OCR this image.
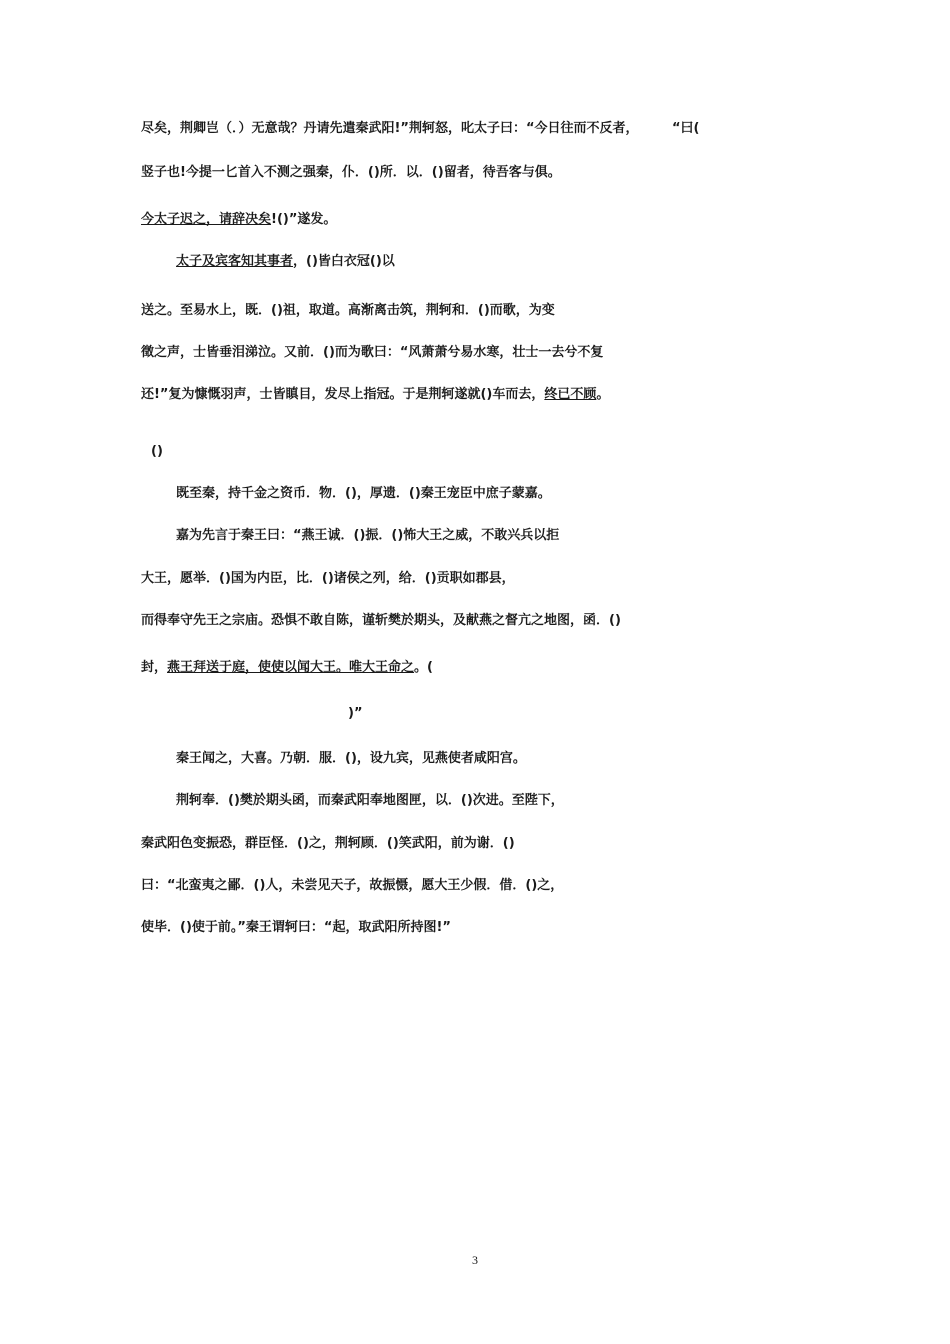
尽矣，荆卿岂（．）无意哉？丹请先遣秦武阳!”荆轲怒，叱太子曰：“今日往而不反者，	“曰(
竖子也!今提一匕首入不测之强秦，仆．()所．以．()留者，待吾客与俱。
今太子迟之，请辞决矣!()”遂发。
太子及宾客知其事者，()皆白衣冠()以
送之。至易水上，既．()祖，取道。高渐离击筑，荆轲和．()而歌，为变
徵之声，士皆垂泪涕泣。又前．()而为歌曰：“风萧萧兮易水寒，壮士一去兮不复
还!”复为慷慨羽声，士皆瞋目，发尽上指冠。于是荆轲遂就()车而去，终已不顾。
()
既至秦，持千金之资币．物．()，厚遗．()秦王宠臣中庶子蒙嘉。
嘉为先言于秦王曰：“燕王诚．()振．()怖大王之威，不敢兴兵以拒
大王，愿举．()国为内臣，比．()诸侯之列，给．()贡职如郡县，
而得奉守先王之宗庙。恐惧不敢自陈，谨斩樊於期头，及献燕之督亢之地图，函．()
封，燕王拜送于庭，使使以闻大王。唯大王命之。(
)”
秦王闻之，大喜。乃朝．服．()，设九宾，见燕使者咸阳宫。
荆轲奉．()樊於期头函，而秦武阳奉地图匣，以．()次进。至陛下，
秦武阳色变振恐，群臣怪．()之，荆轲顾．()笑武阳，前为谢．()
曰：“北蛮夷之鄙．()人，未尝见天子，故振慑，愿大王少假．借．()之，
使毕．()使于前。”秦王谓轲曰：“起，取武阳所持图!”
3
